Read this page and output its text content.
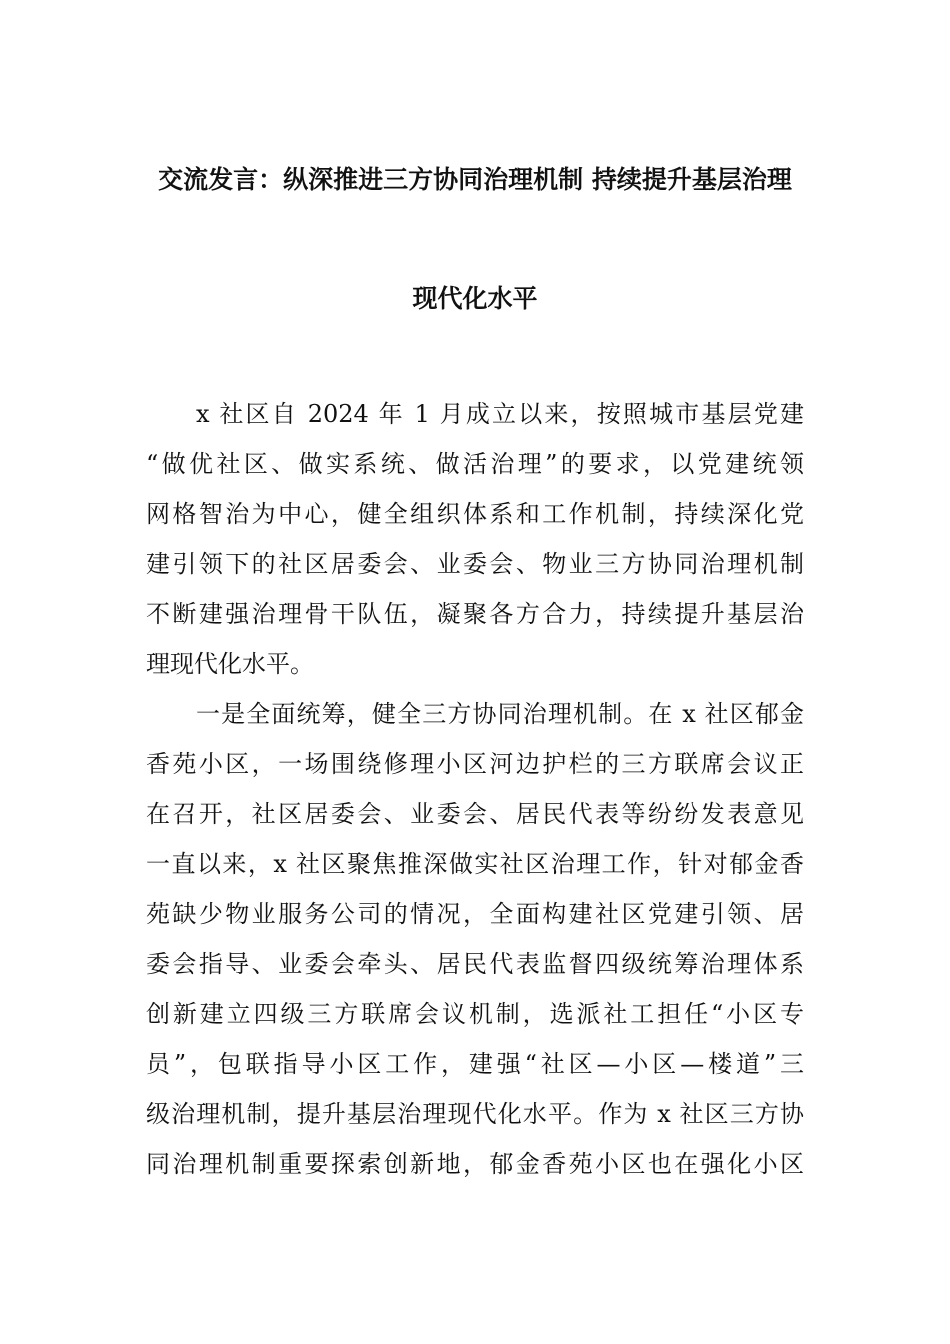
交流发言：纵深推进三方协同治理机制 持续提升基层治理
现代化水平
x 社区自 2024 年 1 月成立以来，按照城市基层党建
“做优社区、做实系统、做活治理”的要求，以党建统领
网格智治为中心，健全组织体系和工作机制，持续深化党
建引领下的社区居委会、业委会、物业三方协同治理机制
不断建强治理骨干队伍，凝聚各方合力，持续提升基层治
理现代化水平。
一是全面统筹，健全三方协同治理机制。在 x 社区郁金
香苑小区，一场围绕修理小区河边护栏的三方联席会议正
在召开，社区居委会、业委会、居民代表等纷纷发表意见
一直以来，x 社区聚焦推深做实社区治理工作，针对郁金香
苑缺少物业服务公司的情况，全面构建社区党建引领、居
委会指导、业委会牵头、居民代表监督四级统筹治理体系
创新建立四级三方联席会议机制，选派社工担任“小区专
员”，包联指导小区工作，建强“社区—小区—楼道”三
级治理机制，提升基层治理现代化水平。作为 x 社区三方协
同治理机制重要探索创新地，郁金香苑小区也在强化小区
